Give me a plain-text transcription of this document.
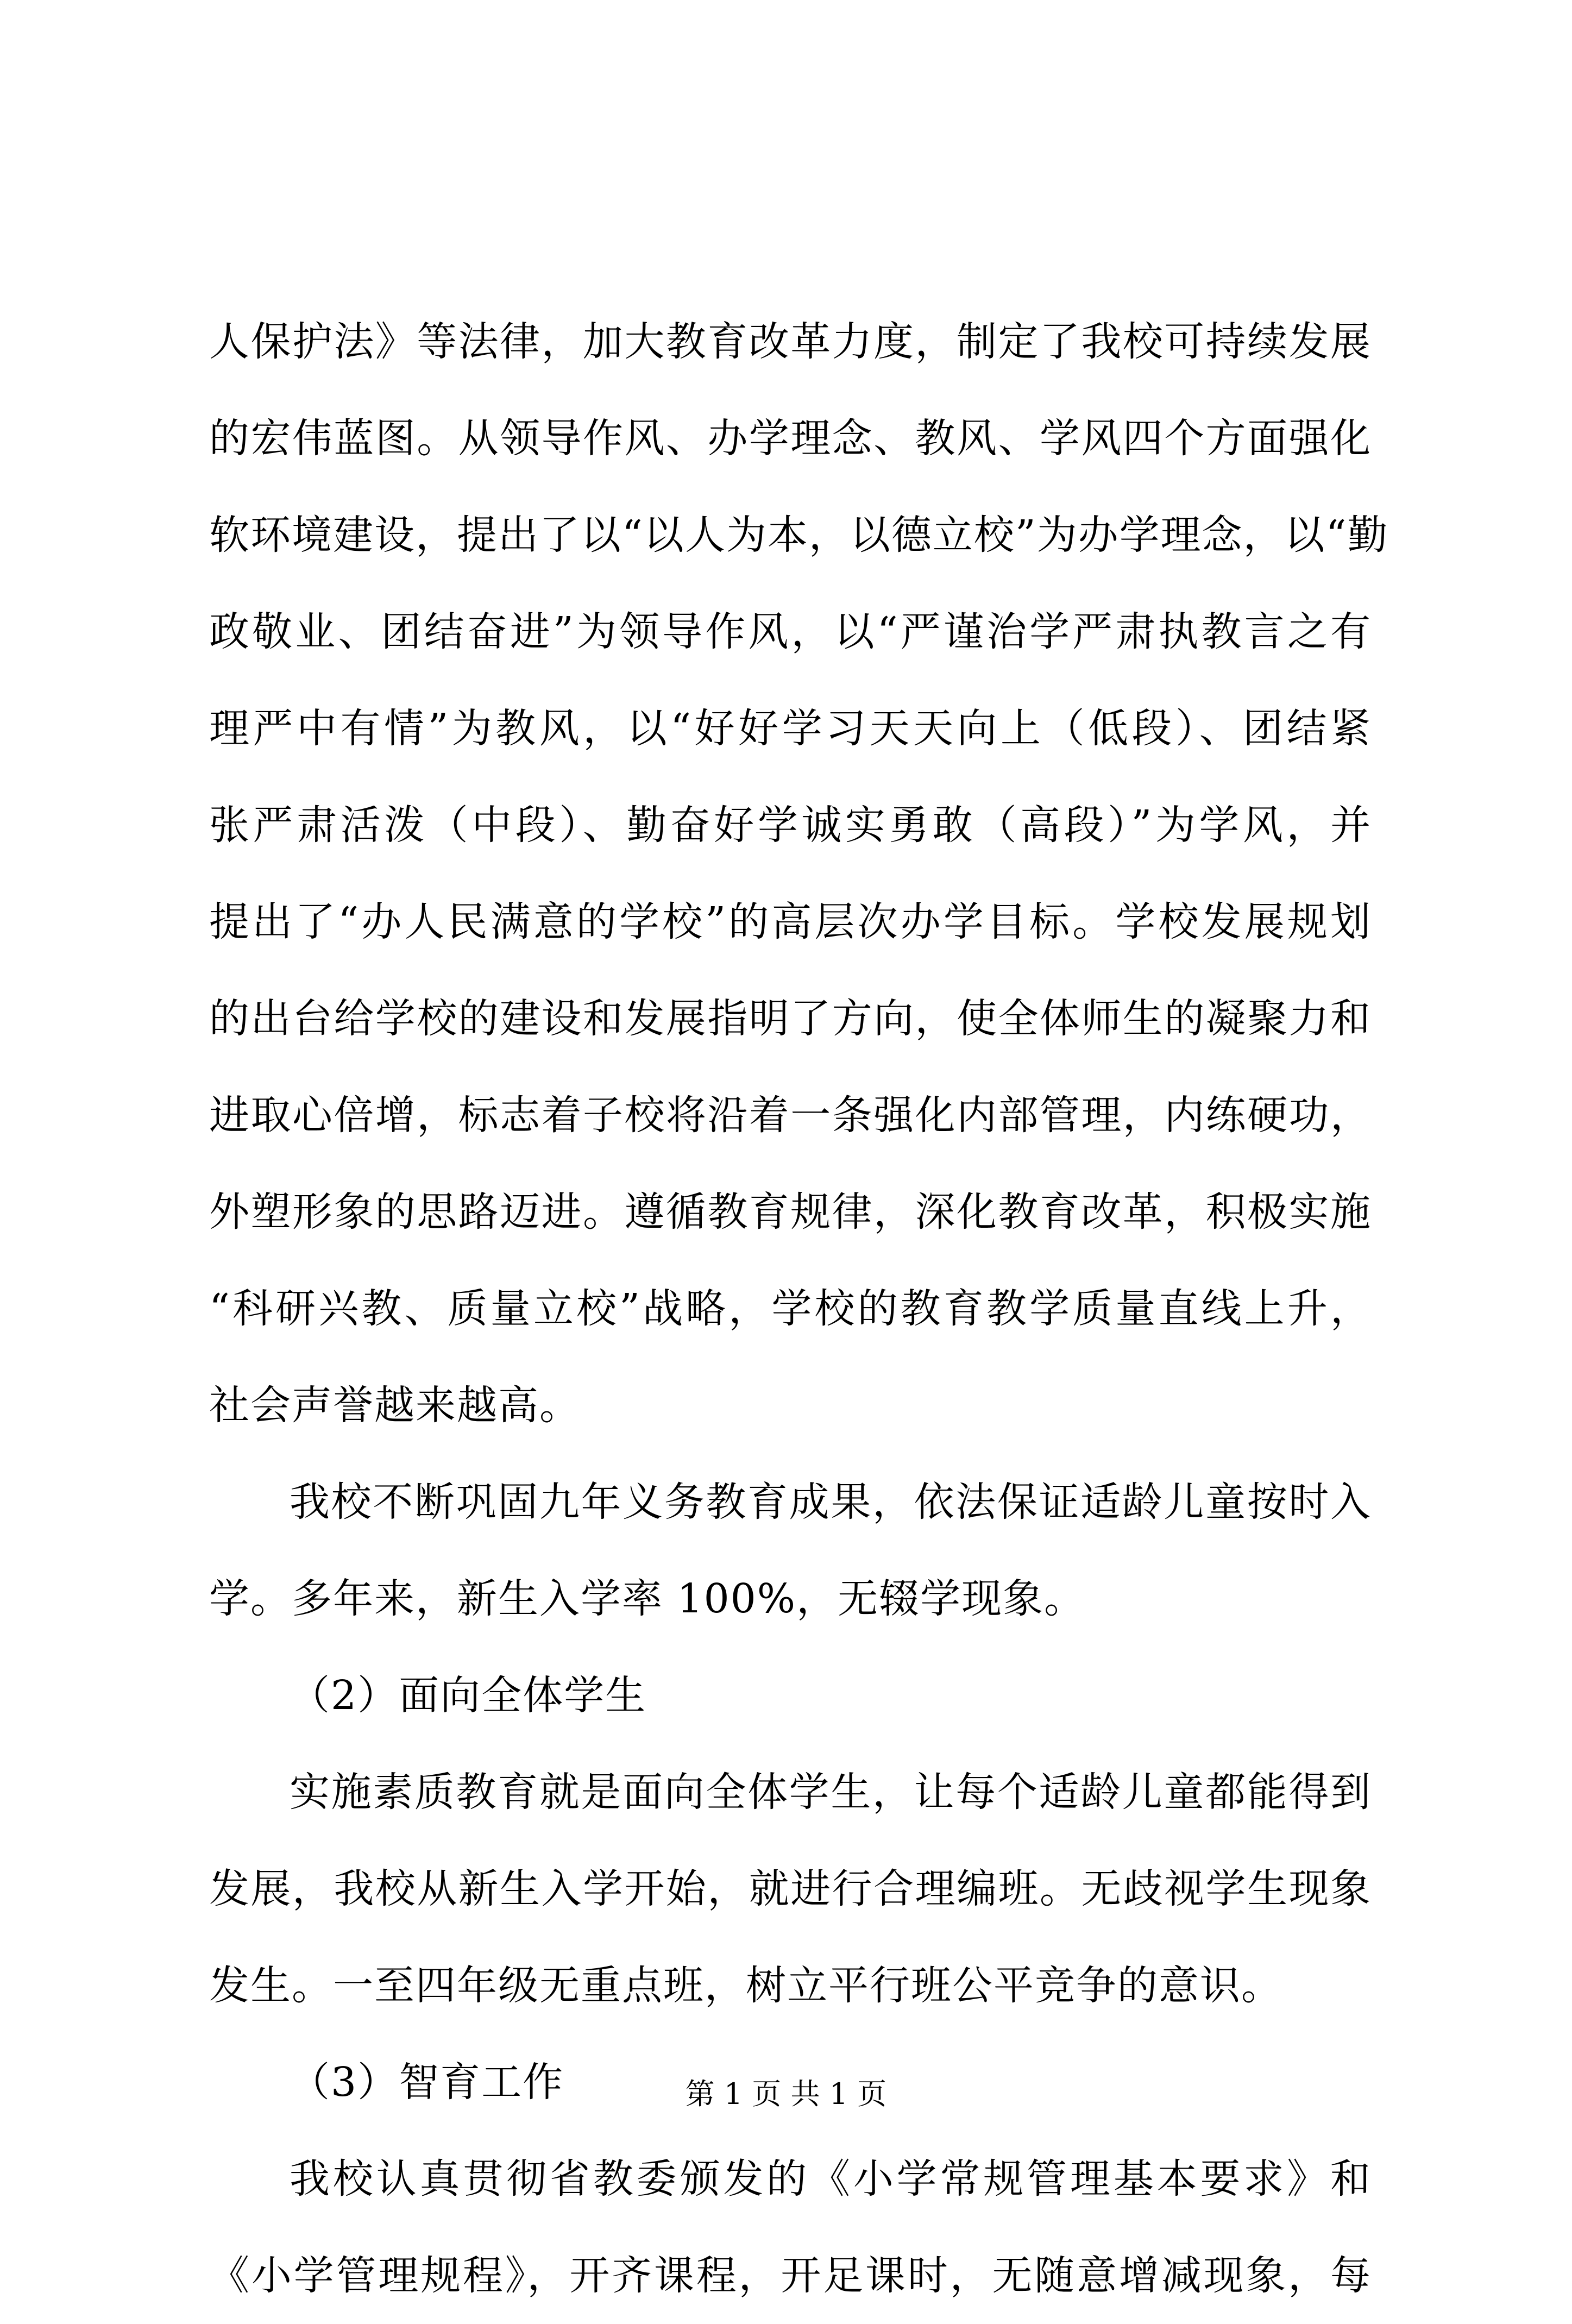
人保护法》等法律，加大教育改革力度，制定了我校可持续发展
的宏伟蓝图。从领导作风、办学理念、教风、学风四个方面强化
软环境建设，提出了以“以人为本，以德立校”为办学理念，以“勤
政敬业、团结奋进”为领导作风，以“严谨治学严肃执教言之有
理严中有情”为教风，以“好好学习天天向上（低段）、团结紧
张严肃活泼（中段）、勤奋好学诚实勇敢（高段）”为学风，并
提出了“办人民满意的学校”的高层次办学目标。学校发展规划
的出台给学校的建设和发展指明了方向，使全体师生的凝聚力和
进取心倍增，标志着子校将沿着一条强化内部管理，内练硬功，
外塑形象的思路迈进。遵循教育规律，深化教育改革，积极实施
“科研兴教、质量立校”战略，学校的教育教学质量直线上升，
社会声誉越来越高。
我校不断巩固九年义务教育成果，依法保证适龄儿童按时入
学。多年来，新生入学率 100%，无辍学现象。
（2）面向全体学生
实施素质教育就是面向全体学生，让每个适龄儿童都能得到
发展，我校从新生入学开始，就进行合理编班。无歧视学生现象
发生。一至四年级无重点班，树立平行班公平竞争的意识。
（3）智育工作
我校认真贯彻省教委颁发的《小学常规管理基本要求》和
《小学管理规程》，开齐课程，开足课时，无随意增减现象，每
第 1 页 共 1 页
